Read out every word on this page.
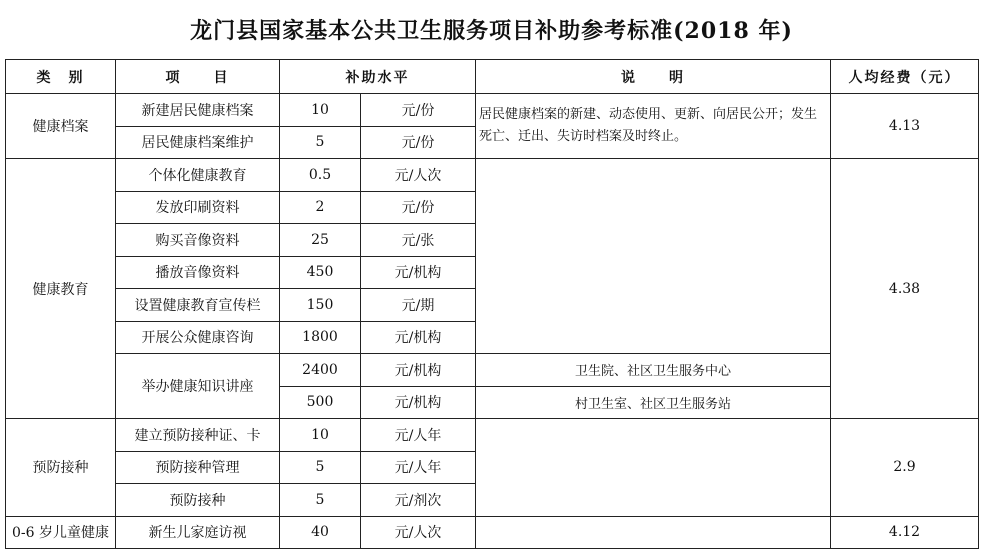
龙门县国家基本公共卫生服务项目补助参考标准(2018 年)
类　别	项　　目	补助水平		说　　明	人均经费（元）
健康档案	新建居民健康档案	10	元/份	居民健康档案的新建、动态使用、更新、向居民公开；发生死亡、迁出、失访时档案及时终止。	4.13
	居民健康档案维护	5	元/份		
健康教育	个体化健康教育	0.5	元/人次		4.38
	发放印刷资料	2	元/份		
	购买音像资料	25	元/张		
	播放音像资料	450	元/机构		
	设置健康教育宣传栏	150	元/期		
	开展公众健康咨询	1800	元/机构		
	举办健康知识讲座	2400	元/机构	卫生院、社区卫生服务中心	
		500	元/机构	村卫生室、社区卫生服务站	
预防接种	建立预防接种证、卡	10	元/人年		2.9
	预防接种管理	5	元/人年		
	预防接种	5	元/剂次		
0-6 岁儿童健康	新生儿家庭访视	40	元/人次		4.12
